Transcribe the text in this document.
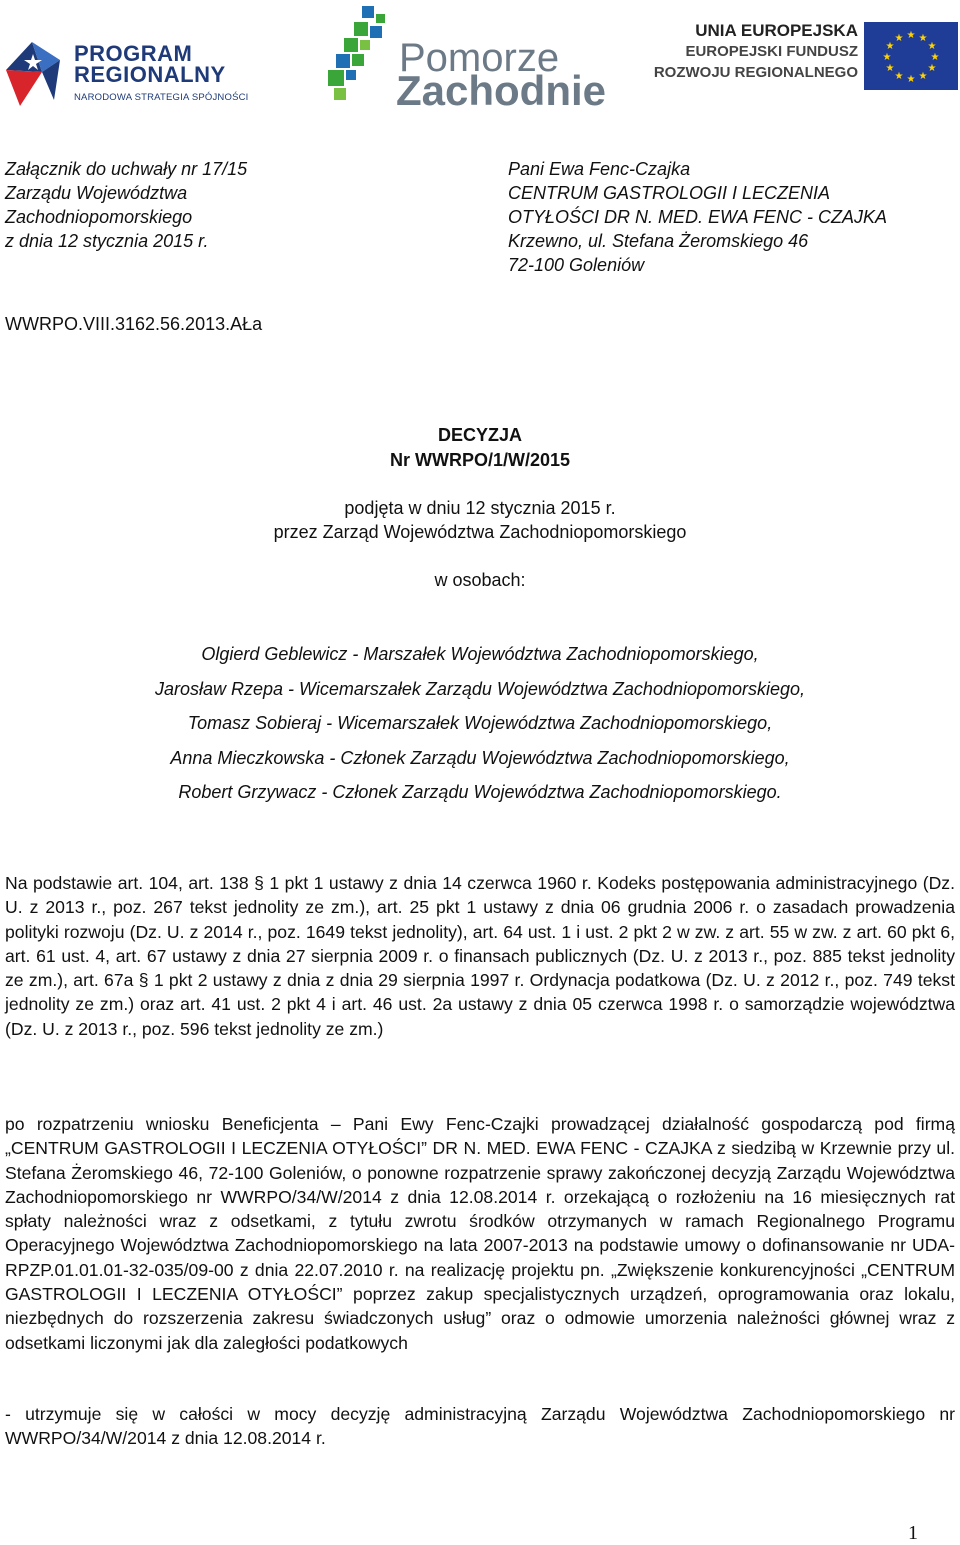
PROGRAM
REGIONALNY
NARODOWA STRATEGIA SPÓJNOŚCI
Pomorze
Zachodnie
UNIA EUROPEJSKA
EUROPEJSKI FUNDUSZ
ROZWOJU REGIONALNEGO
★ ★
★
★
★
★
★
★
★
★
★
★
Załącznik do uchwały nr 17/15
Zarządu Województwa
Zachodniopomorskiego
z dnia 12 stycznia 2015 r.
Pani Ewa Fenc-Czajka
CENTRUM GASTROLOGII I LECZENIA
OTYŁOŚCI DR N. MED. EWA FENC - CZAJKA
Krzewno, ul. Stefana Żeromskiego 46
72-100 Goleniów
WWRPO.VIII.3162.56.2013.AŁa
DECYZJA
Nr WWRPO/1/W/2015
podjęta w dniu 12 stycznia 2015 r.
przez Zarząd Województwa Zachodniopomorskiego
w osobach:
Olgierd Geblewicz - Marszałek Województwa Zachodniopomorskiego,
Jarosław Rzepa - Wicemarszałek Zarządu Województwa Zachodniopomorskiego,
Tomasz Sobieraj - Wicemarszałek Województwa Zachodniopomorskiego,
Anna Mieczkowska - Członek Zarządu Województwa Zachodniopomorskiego,
Robert Grzywacz - Członek Zarządu Województwa Zachodniopomorskiego.
Na podstawie art. 104, art. 138 § 1 pkt 1 ustawy z dnia 14 czerwca 1960 r. Kodeks postępowania administracyjnego (Dz. U. z 2013 r., poz. 267 tekst jednolity ze zm.), art. 25 pkt 1 ustawy z dnia 06 grudnia 2006 r. o zasadach prowadzenia polityki rozwoju (Dz. U. z 2014 r., poz. 1649 tekst jednolity), art. 64 ust. 1 i ust. 2 pkt 2 w zw. z art. 55 w zw. z art. 60 pkt 6, art. 61 ust. 4, art. 67 ustawy z dnia 27 sierpnia 2009 r. o finansach publicznych (Dz. U. z 2013 r., poz. 885 tekst jednolity ze zm.), art. 67a § 1 pkt 2 ustawy z dnia z dnia 29 sierpnia 1997 r. Ordynacja podatkowa (Dz. U. z 2012 r., poz. 749 tekst jednolity ze zm.) oraz art. 41 ust. 2 pkt 4 i art. 46 ust. 2a ustawy z dnia 05 czerwca 1998 r. o samorządzie województwa (Dz. U. z 2013 r., poz. 596 tekst jednolity ze zm.)
po rozpatrzeniu wniosku Beneficjenta – Pani Ewy Fenc-Czajki prowadzącej działalność gospodarczą pod firmą „CENTRUM GASTROLOGII I LECZENIA OTYŁOŚCI” DR N. MED. EWA FENC - CZAJKA z siedzibą w Krzewnie przy ul. Stefana Żeromskiego 46, 72-100 Goleniów, o ponowne rozpatrzenie sprawy zakończonej decyzją Zarządu Województwa Zachodniopomorskiego nr WWRPO/34/W/2014 z dnia 12.08.2014 r. orzekającą o rozłożeniu na 16 miesięcznych rat spłaty należności wraz z odsetkami, z tytułu zwrotu środków otrzymanych w ramach Regionalnego Programu Operacyjnego Województwa Zachodniopomorskiego na lata 2007-2013 na podstawie umowy o dofinansowanie nr UDA-RPZP.01.01.01-32-035/09-00 z dnia 22.07.2010 r. na realizację projektu pn. „Zwiększenie konkurencyjności „CENTRUM GASTROLOGII I LECZENIA OTYŁOŚCI” poprzez zakup specjalistycznych urządzeń, oprogramowania oraz lokalu, niezbędnych do rozszerzenia zakresu świadczonych usług” oraz o odmowie umorzenia należności głównej wraz z odsetkami liczonymi jak dla zaległości podatkowych
- utrzymuje się w całości w mocy decyzję administracyjną Zarządu Województwa Zachodniopomorskiego nr WWRPO/34/W/2014 z dnia 12.08.2014 r.
1
